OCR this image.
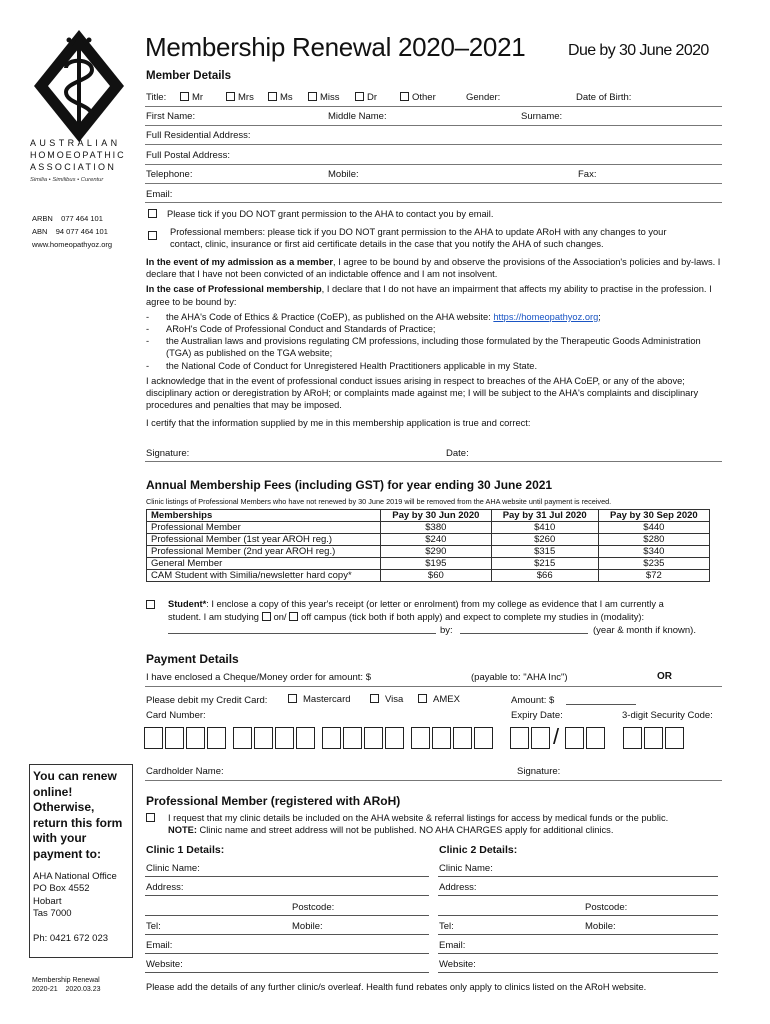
AUSTRALIAN
HOMOEOPATHIC
ASSOCIATION
Similia • Similibus • Curentur
ARBN    077 464 101
ABN    94 077 464 101
www.homeopathyoz.org
Membership Renewal 2020–2021	Due by 30 June 2020
Member Details
Title:	Mr	Mrs	Ms	Miss	Dr	Other	Gender:	Date of Birth:
First Name:	Middle Name:	Surname:
Full Residential Address:
Full Postal Address:
Telephone:	Mobile:	Fax:
Email:
Please tick if you DO NOT grant permission to the AHA to contact you by email.
Professional members: please tick if you DO NOT grant permission to the AHA to update ARoH with any changes to your
contact, clinic, insurance or first aid certificate details in the case that you notify the AHA of such changes.

In the event of my admission as a member, I agree to be bound by and observe the provisions of the Association's policies and by-laws. I declare that I have not been convicted of an indictable offence and I am not insolvent.

In the case of Professional membership, I declare that I do not have an impairment that affects my ability to practise in the profession. I agree to be bound by:

- the AHA's Code of Ethics & Practice (CoEP), as published on the AHA website: https://homeopathyoz.org;
- ARoH's Code of Professional Conduct and Standards of Practice;
- the Australian laws and provisions regulating CM professions, including those formulated by the Therapeutic Goods Administration (TGA) as published on the TGA website;
- the National Code of Conduct for Unregistered Health Practitioners applicable in my State.

I acknowledge that in the event of professional conduct issues arising in respect to breaches of the AHA CoEP, or any of the above; disciplinary action or deregistration by ARoH; or complaints made against me; I will be subject to the AHA's complaints and disciplinary procedures and penalties that may be imposed.

I certify that the information supplied by me in this membership application is true and correct:

Signature:	Date:
Annual Membership Fees (including GST) for year ending 30 June 2021
Clinic listings of Professional Members who have not renewed by 30 June 2019 will be removed from the AHA website until payment is received.
Memberships	Pay by 30 Jun 2020	Pay by 31 Jul 2020	Pay by 30 Sep 2020
Professional Member	$380	$410	$440
Professional Member (1st year AROH reg.)	$240	$260	$280
Professional Member (2nd year AROH reg.)	$290	$315	$340
General Member	$195	$215	$235
CAM Student with Similia/newsletter hard copy*	$60	$66	$72
Student*: I enclose a copy of this year's receipt (or letter or enrolment) from my college as evidence that I am currently a
student. I am studying on/ off campus (tick both if both apply) and expect to complete my studies in (modality):
by:	(year & month if known).
Payment Details
I have enclosed a Cheque/Money order for amount: $	(payable to: "AHA Inc")	OR
Please debit my Credit Card:	Mastercard	Visa	AMEX	Amount: $
Card Number:	Expiry Date:	3-digit Security Code:

/
Cardholder Name:	Signature:
You can renew online! Otherwise, return this form with your payment to:
AHA National Office
PO Box 4552
Hobart
Tas 7000
Ph: 0421 672 023
Professional Member (registered with ARoH)
I request that my clinic details be included on the AHA website & referral listings for access by medical funds or the public.
NOTE: Clinic name and street address will not be published. NO AHA CHARGES apply for additional clinics.
Clinic 1 Details:	Clinic 2 Details:
Clinic Name:	Clinic Name:
Address:	Address:
Postcode:	Postcode:
Tel:	Mobile:	Tel:	Mobile:
Email:	Email:
Website:	Website:
Membership Renewal
2020-21    2020.03.23	Please add the details of any further clinic/s overleaf. Health fund rebates only apply to clinics listed on the ARoH website.
